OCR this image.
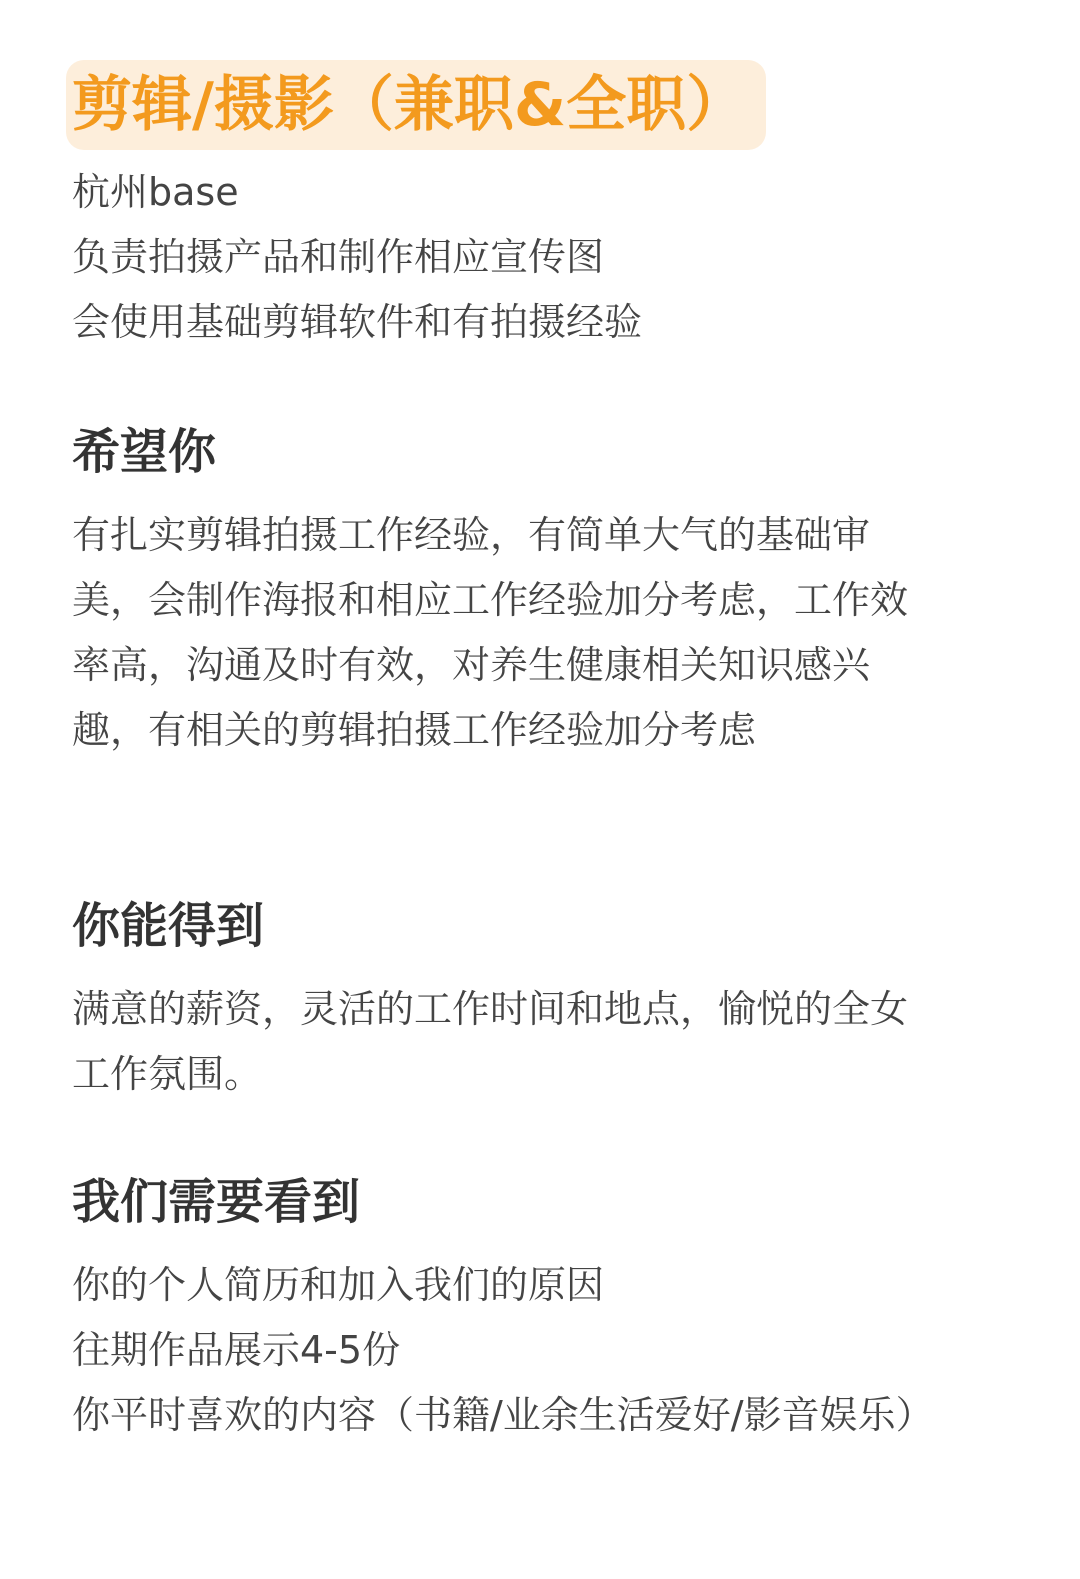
剪辑/摄影（兼职&全职）
杭州base
负责拍摄产品和制作相应宣传图
会使用基础剪辑软件和有拍摄经验
希望你
有扎实剪辑拍摄工作经验，有简单大气的基础审
美，会制作海报和相应工作经验加分考虑，工作效
率高，沟通及时有效，对养生健康相关知识感兴
趣，有相关的剪辑拍摄工作经验加分考虑
你能得到
满意的薪资，灵活的工作时间和地点，愉悦的全女
工作氛围。
我们需要看到
你的个人简历和加入我们的原因
往期作品展示4-5份
你平时喜欢的内容（书籍/业余生活爱好/影音娱乐）
